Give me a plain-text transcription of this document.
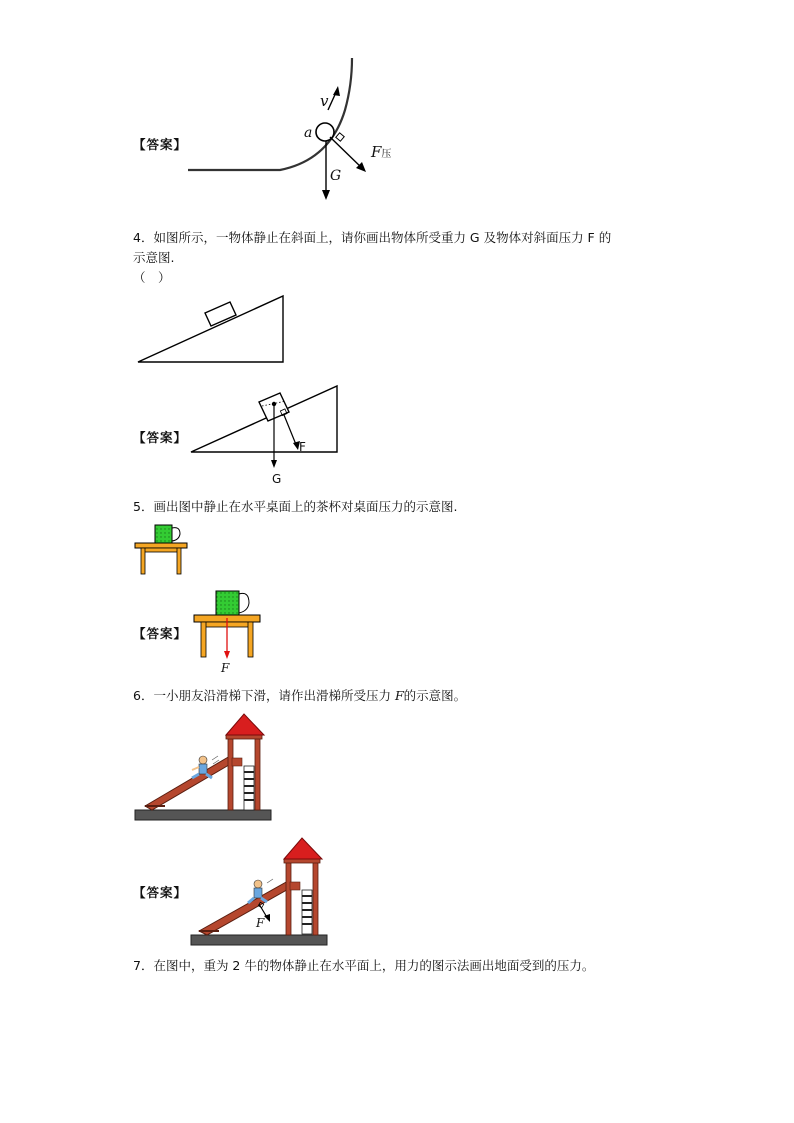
【答案】
v
a
G
F压
4．如图所示，一物体静止在斜面上，请你画出物体所受重力 G 及物体对斜面压力 F 的
示意图.
（　）
【答案】
F
G
5．画出图中静止在水平桌面上的茶杯对桌面压力的示意图.
【答案】
F
6．一小朋友沿滑梯下滑，请作出滑梯所受压力 F的示意图。
【答案】
F
7．在图中，重为 2 牛的物体静止在水平面上，用力的图示法画出地面受到的压力。
